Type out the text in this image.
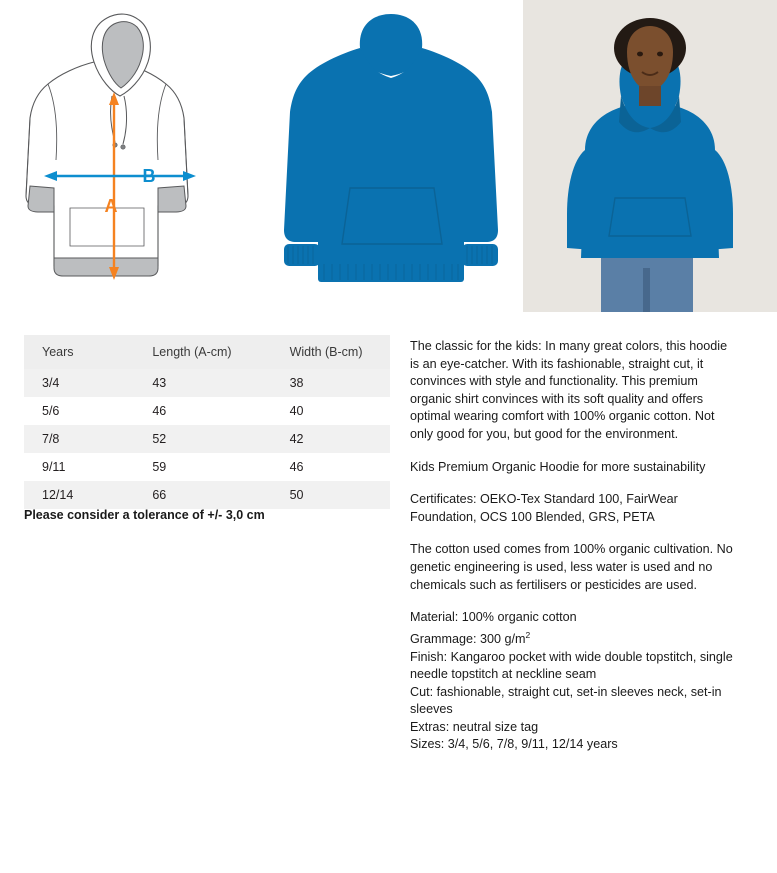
A
B
Years	Length (A-cm)	Width (B-cm)
3/4	43	38
5/6	46	40
7/8	52	42
9/11	59	46
12/14	66	50
Please consider a tolerance of +/- 3,0 cm

The classic for the kids: In many great colors, this hoodie is an eye-catcher. With its fashionable, straight cut, it convinces with style and functionality. This premium organic shirt convinces with its soft quality and offers optimal wearing comfort with 100% organic cotton. Not only good for you, but good for the environment.

Kids Premium Organic Hoodie for more sustainability

Certificates: OEKO-Tex Standard 100, FairWear Foundation, OCS 100 Blended, GRS, PETA

The cotton used comes from 100% organic cultivation. No genetic engineering is used, less water is used and no chemicals such as fertilisers or pesticides are used.

Material: 100% organic cotton

Grammage: 300 $g/m^2$

Finish: Kangaroo pocket with wide double topstitch, single needle topstitch at neckline seam

Cut: fashionable, straight cut, set-in sleeves neck, set-in sleeves

Extras: neutral size tag

Sizes: 3/4, 5/6, 7/8, 9/11, 12/14 years
